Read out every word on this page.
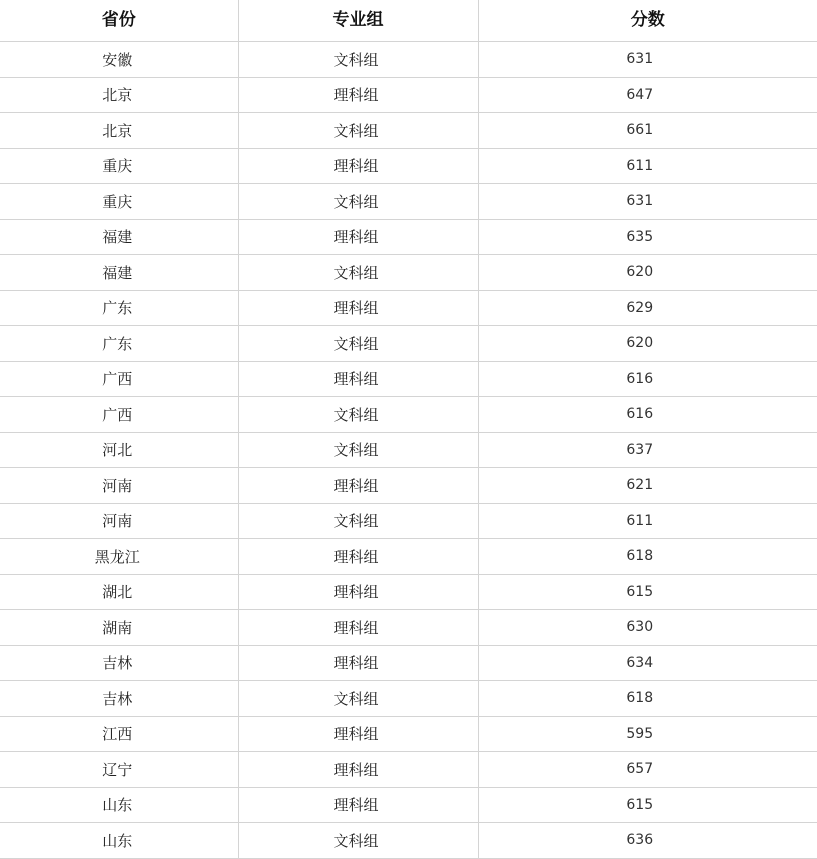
省份	专业组	分数
安徽	文科组	631
北京	理科组	647
北京	文科组	661
重庆	理科组	611
重庆	文科组	631
福建	理科组	635
福建	文科组	620
广东	理科组	629
广东	文科组	620
广西	理科组	616
广西	文科组	616
河北	文科组	637
河南	理科组	621
河南	文科组	611
黑龙江	理科组	618
湖北	理科组	615
湖南	理科组	630
吉林	理科组	634
吉林	文科组	618
江西	理科组	595
辽宁	理科组	657
山东	理科组	615
山东	文科组	636
